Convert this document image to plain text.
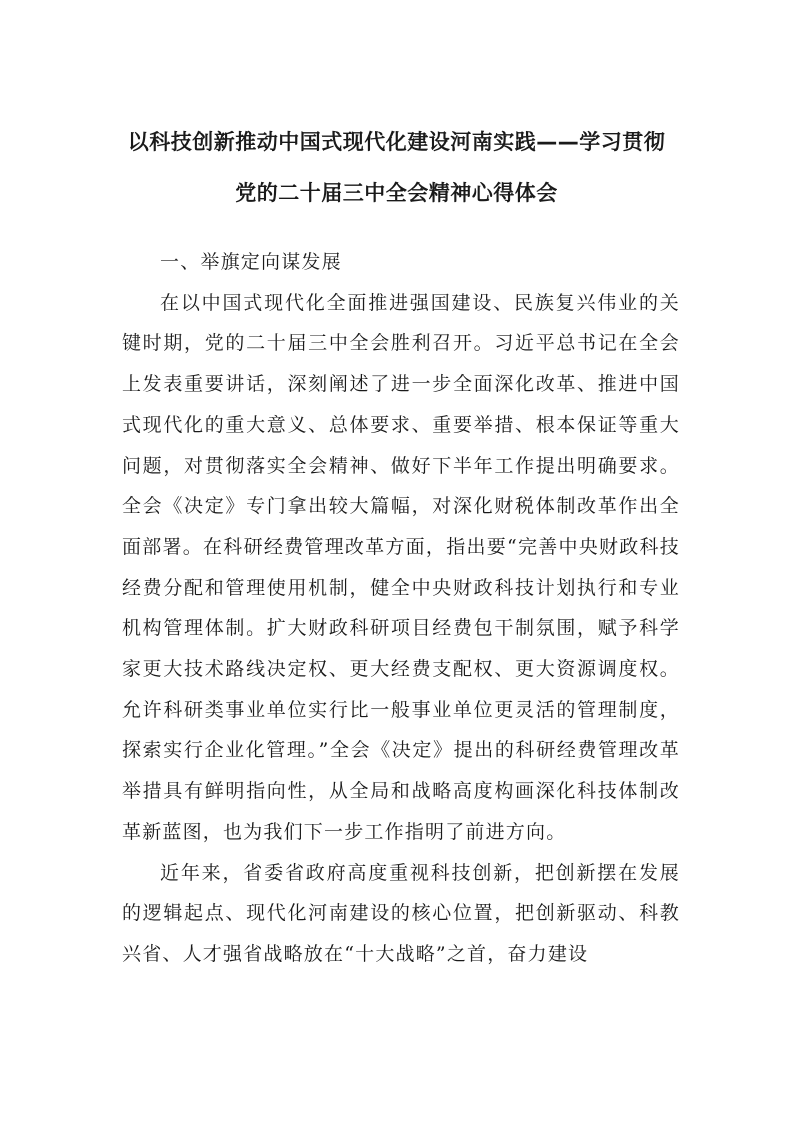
以科技创新推动中国式现代化建设河南实践——学习贯彻
党的二十届三中全会精神心得体会

一、举旗定向谋发展

在以中国式现代化全面推进强国建设、民族复兴伟业的关键时期，党的二十届三中全会胜利召开。习近平总书记在全会上发表重要讲话，深刻阐述了进一步全面深化改革、推进中国式现代化的重大意义、总体要求、重要举措、根本保证等重大问题，对贯彻落实全会精神、做好下半年工作提出明确要求。全会《决定》专门拿出较大篇幅，对深化财税体制改革作出全面部署。在科研经费管理改革方面，指出要“完善中央财政科技经费分配和管理使用机制，健全中央财政科技计划执行和专业机构管理体制。扩大财政科研项目经费包干制氛围，赋予科学家更大技术路线决定权、更大经费支配权、更大资源调度权。允许科研类事业单位实行比一般事业单位更灵活的管理制度，探索实行企业化管理。”全会《决定》提出的科研经费管理改革举措具有鲜明指向性，从全局和战略高度构画深化科技体制改革新蓝图，也为我们下一步工作指明了前进方向。

近年来，省委省政府高度重视科技创新，把创新摆在发展的逻辑起点、现代化河南建设的核心位置，把创新驱动、科教兴省、人才强省战略放在“十大战略”之首，奋力建设
